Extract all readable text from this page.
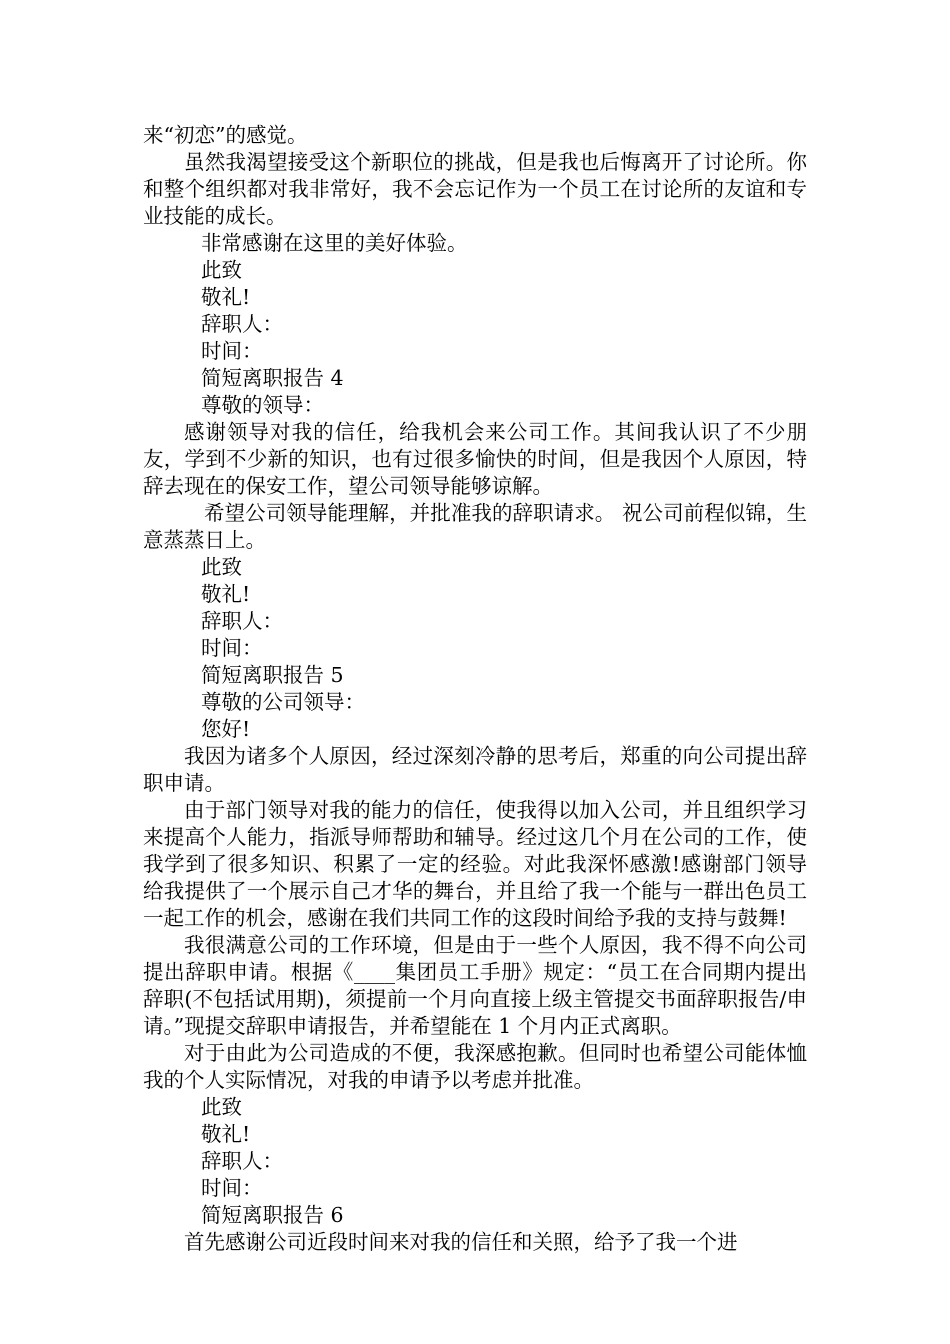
来“初恋”的感觉。

虽然我渴望接受这个新职位的挑战，但是我也后悔离开了讨论所。你和整个组织都对我非常好，我不会忘记作为一个员工在讨论所的友谊和专业技能的成长。

非常感谢在这里的美好体验。

此致

敬礼!

辞职人：

时间：

简短离职报告 4

尊敬的领导：

感谢领导对我的信任，给我机会来公司工作。其间我认识了不少朋友，学到不少新的知识，也有过很多愉快的时间，但是我因个人原因，特辞去现在的保安工作，望公司领导能够谅解。

希望公司领导能理解，并批准我的辞职请求。 祝公司前程似锦，生意蒸蒸日上。

此致

敬礼!

辞职人：

时间：

简短离职报告 5

尊敬的公司领导：

您好!

我因为诸多个人原因，经过深刻冷静的思考后，郑重的向公司提出辞职申请。

由于部门领导对我的能力的信任，使我得以加入公司，并且组织学习来提高个人能力，指派导师帮助和辅导。经过这几个月在公司的工作，使我学到了很多知识、积累了一定的经验。对此我深怀感激!感谢部门领导给我提供了一个展示自己才华的舞台，并且给了我一个能与一群出色员工一起工作的机会，感谢在我们共同工作的这段时间给予我的支持与鼓舞!

我很满意公司的工作环境，但是由于一些个人原因，我不得不向公司提出辞职申请。根据《____集团员工手册》规定：“员工在合同期内提出辞职(不包括试用期)，须提前一个月向直接上级主管提交书面辞职报告/申请。”现提交辞职申请报告，并希望能在 1 个月内正式离职。

对于由此为公司造成的不便，我深感抱歉。但同时也希望公司能体恤我的个人实际情况，对我的申请予以考虑并批准。

此致

敬礼!

辞职人：

时间：

简短离职报告 6

首先感谢公司近段时间来对我的信任和关照，给予了我一个进
